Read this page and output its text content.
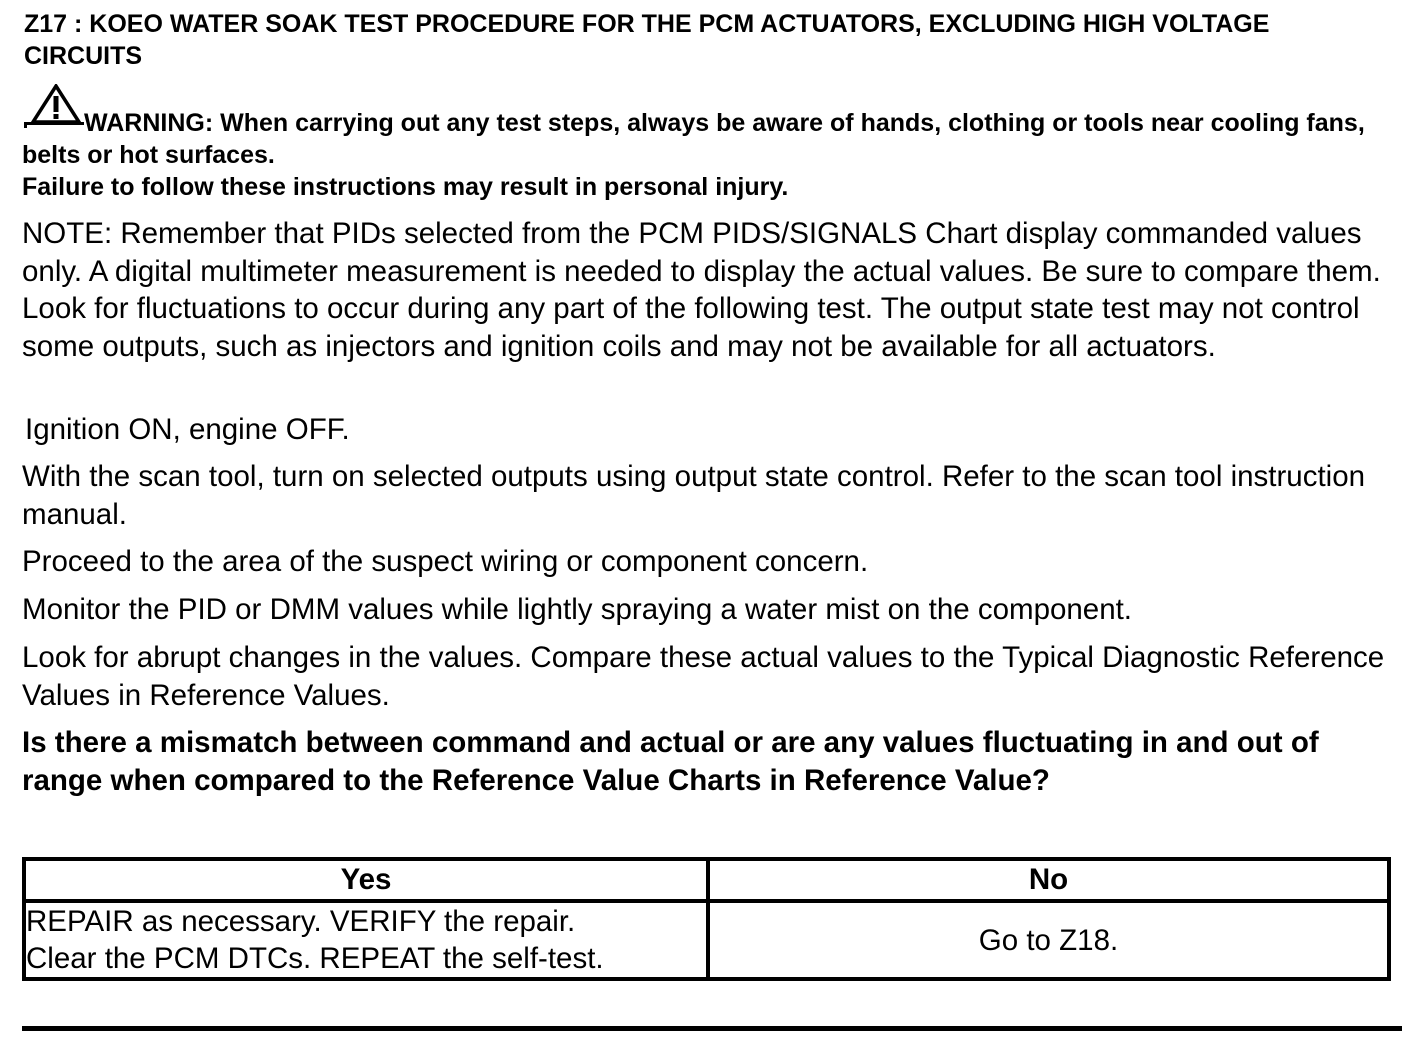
Z17 : KOEO WATER SOAK TEST PROCEDURE FOR THE PCM ACTUATORS, EXCLUDING HIGH VOLTAGE CIRCUITS

WARNING: When carrying out any test steps, always be aware of hands, clothing or tools near cooling fans, belts or hot surfaces.
Failure to follow these instructions may result in personal injury.

NOTE: Remember that PIDs selected from the PCM PIDS/SIGNALS Chart display commanded values only. A digital multimeter measurement is needed to display the actual values. Be sure to compare them. Look for fluctuations to occur during any part of the following test. The output state test may not control some outputs, such as injectors and ignition coils and may not be available for all actuators.

Ignition ON, engine OFF.

With the scan tool, turn on selected outputs using output state control. Refer to the scan tool instruction manual.

Proceed to the area of the suspect wiring or component concern.

Monitor the PID or DMM values while lightly spraying a water mist on the component.

Look for abrupt changes in the values. Compare these actual values to the Typical Diagnostic Reference Values in Reference Values.

Is there a mismatch between command and actual or are any values fluctuating in and out of range when compared to the Reference Value Charts in Reference Value?

Yes	No
REPAIR as necessary. VERIFY the repair.
Clear the PCM DTCs. REPEAT the self-test.	Go to Z18.
